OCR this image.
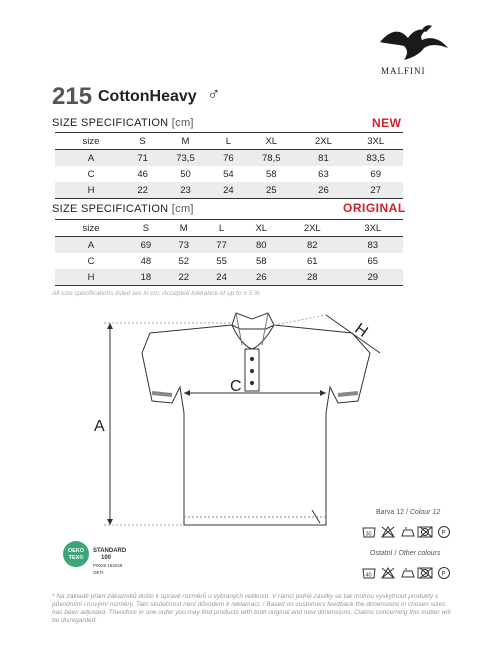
MALFINI
215 CottonHeavy ♂
SIZE SPECIFICATION [cm]	NEW
size	S	M	L	XL	2XL	3XL
A	71	73,5	76	78,5	81	83,5
C	46	50	54	58	63	69
H	22	23	24	25	26	27
SIZE SPECIFICATION [cm]	ORIGINAL
size	S	M	L	XL	2XL	3XL
A	69	73	77	80	82	83
C	48	52	55	58	61	65
H	18	22	24	26	28	29
All size specifications listed are in cm. Accepted tolerance of up to ± 5 %
A
C
H
Barva 12 / Colour 12
30	P
Ostatní / Other colours
40	P
OEKO
TEX®
STANDARD
100
P0029 153249
OETI
* Na základě přání zákazníků došlo k úpravě rozměrů u vybraných velikostí. V rámci jedné zásilky se tak mohou vyskytnout produkty s původními i novými rozměry. Tato skutečnost není důvodem k reklamaci. / Based on customers feedback the dimensions in chosen sizes has been adjusted. Therefore in one order you may find products with both original and new dimensions. Claims concerning this matter will be disregarded.
